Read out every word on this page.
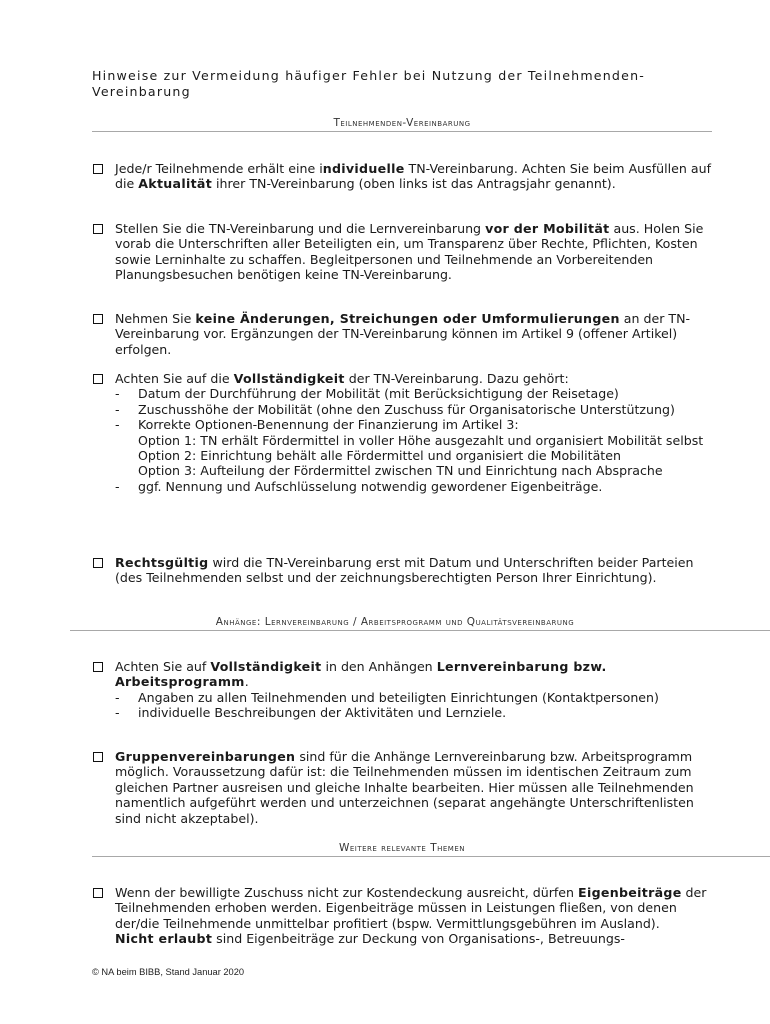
Hinweise zur Vermeidung häufiger Fehler bei Nutzung der Teilnehmenden-Vereinbarung
Teilnehmenden-Vereinbarung
Jede/r Teilnehmende erhält eine individuelle TN-Vereinbarung. Achten Sie beim Ausfüllen auf die Aktualität ihrer TN-Vereinbarung (oben links ist das Antragsjahr genannt).
Stellen Sie die TN-Vereinbarung und die Lernvereinbarung vor der Mobilität aus. Holen Sie vorab die Unterschriften aller Beteiligten ein, um Transparenz über Rechte, Pflichten, Kosten sowie Lerninhalte zu schaffen. Begleitpersonen und Teilnehmende an Vorbereitenden Planungsbesuchen benötigen keine TN-Vereinbarung.
Nehmen Sie keine Änderungen, Streichungen oder Umformulierungen an der TN-Vereinbarung vor. Ergänzungen der TN-Vereinbarung können im Artikel 9 (offener Artikel) erfolgen.
Achten Sie auf die Vollständigkeit der TN-Vereinbarung. Dazu gehört:
- Datum der Durchführung der Mobilität (mit Berücksichtigung der Reisetage)
- Zuschusshöhe der Mobilität (ohne den Zuschuss für Organisatorische Unterstützung)
- Korrekte Optionen-Benennung der Finanzierung im Artikel 3:
Option 1: TN erhält Fördermittel in voller Höhe ausgezahlt und organisiert Mobilität selbst
Option 2: Einrichtung behält alle Fördermittel und organisiert die Mobilitäten
Option 3: Aufteilung der Fördermittel zwischen TN und Einrichtung nach Absprache
- ggf. Nennung und Aufschlüsselung notwendig gewordener Eigenbeiträge.
Rechtsgültig wird die TN-Vereinbarung erst mit Datum und Unterschriften beider Parteien (des Teilnehmenden selbst und der zeichnungsberechtigten Person Ihrer Einrichtung).
Anhänge: Lernvereinbarung / Arbeitsprogramm und Qualitätsvereinbarung
Achten Sie auf Vollständigkeit in den Anhängen Lernvereinbarung bzw. Arbeitsprogramm.
- Angaben zu allen Teilnehmenden und beteiligten Einrichtungen (Kontaktpersonen)
- individuelle Beschreibungen der Aktivitäten und Lernziele.
Gruppenvereinbarungen sind für die Anhänge Lernvereinbarung bzw. Arbeitsprogramm möglich. Voraussetzung dafür ist: die Teilnehmenden müssen im identischen Zeitraum zum gleichen Partner ausreisen und gleiche Inhalte bearbeiten. Hier müssen alle Teilnehmenden namentlich aufgeführt werden und unterzeichnen (separat angehängte Unterschriftenlisten sind nicht akzeptabel).
Weitere relevante Themen
Wenn der bewilligte Zuschuss nicht zur Kostendeckung ausreicht, dürfen Eigenbeiträge der Teilnehmenden erhoben werden. Eigenbeiträge müssen in Leistungen fließen, von denen der/die Teilnehmende unmittelbar profitiert (bspw. Vermittlungsgebühren im Ausland).
Nicht erlaubt sind Eigenbeiträge zur Deckung von Organisations-, Betreuungs-
© NA beim BIBB, Stand Januar 2020
